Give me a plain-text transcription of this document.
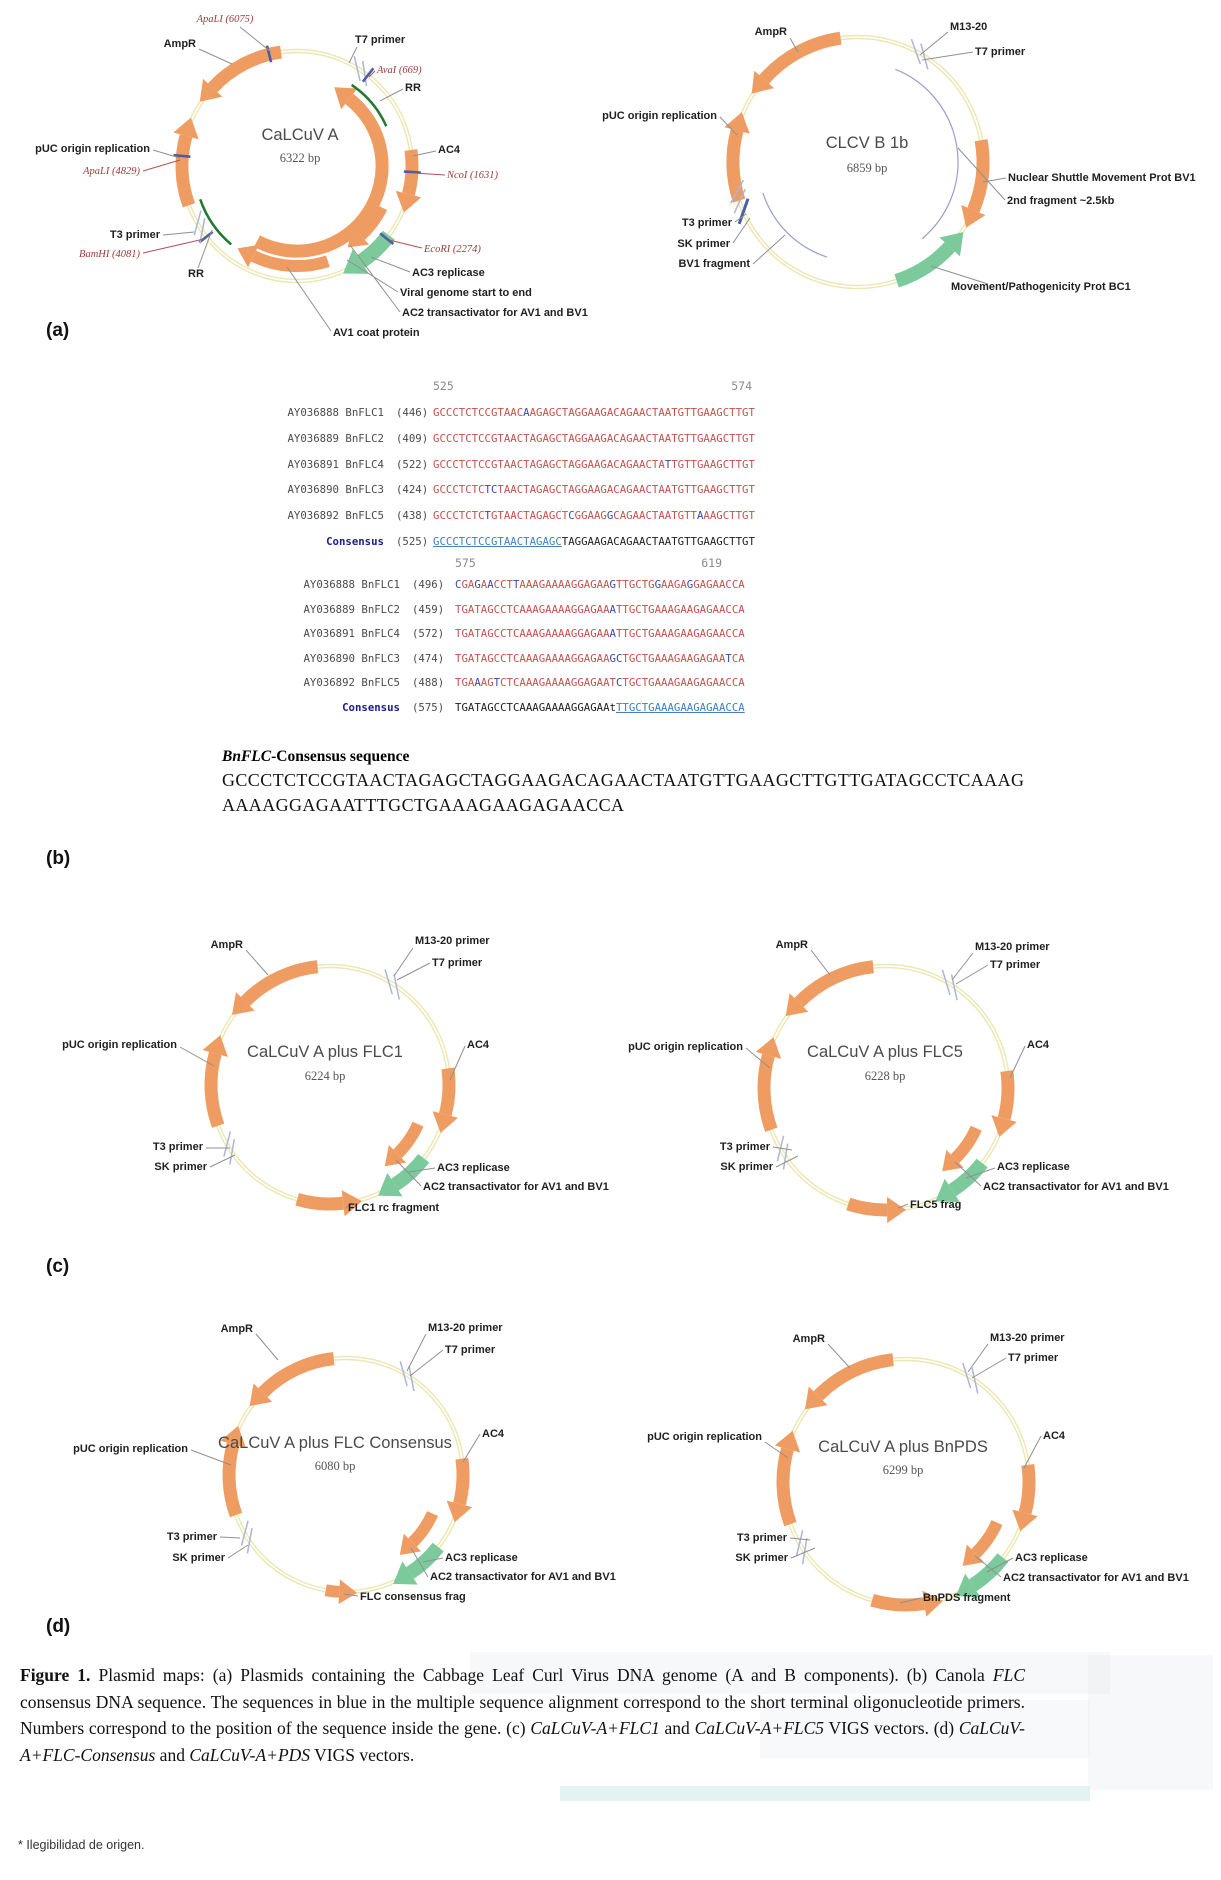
ApaLI (6075)
AmpR	T7 primer
AvaI (669)
RR
AC4
NcoI (1631)
EcoRI (2274)
AC3 replicase
Viral genome start to end
AC2 transactivator for AV1 and BV1
AV1 coat protein
pUC origin replication
ApaLI (4829)
T3 primer
BamHI (4081)
RR
CaLCuV A
6322 bp
AmpR	M13-20
T7 primer
pUC origin replication
Nuclear Shuttle Movement Prot BV1
2nd fragment ~2.5kb
T3 primer
SK primer
BV1 fragment
Movement/Pathogenicity Prot BC1
CLCV B 1b
6859 bp
AmpR	M13-20 primer
T7 primer
pUC origin replication	AC4
T3 primer
SK primer
FLC1 rc fragment
AC3 replicase
AC2 transactivator for AV1 and BV1
CaLCuV A plus FLC1
6224 bp
AmpR	M13-20 primer
T7 primer
pUC origin replication	AC4
T3 primer
SK primer
FLC5 frag
AC3 replicase
AC2 transactivator for AV1 and BV1
CaLCuV A plus FLC5
6228 bp
AmpR	M13-20 primer
T7 primer
pUC origin replication
AC4
T3 primer
SK primer
FLC consensus frag
AC3 replicase
AC2 transactivator for AV1 and BV1
CaLCuV A plus FLC Consensus
6080 bp
AmpR	M13-20 primer
T7 primer
pUC origin replication	AC4
T3 primer
SK primer
BnPDS fragment
AC3 replicase
AC2 transactivator for AV1 and BV1
CaLCuV A plus BnPDS
6299 bp
(a)
(b)
(c)
(d)
525	574
AY036888 BnFLC1 (446) GCCCTCTCCGTAACAAGAGCTAGGAAGACAGAACTAATGTTGAAGCTTGT
AY036889 BnFLC2 (409) GCCCTCTCCGTAACTAGAGCTAGGAAGACAGAACTAATGTTGAAGCTTGT
AY036891 BnFLC4 (522) GCCCTCTCCGTAACTAGAGCTAGGAAGACAGAACTATTGTTGAAGCTTGT
AY036890 BnFLC3 (424) GCCCTCTCTCTAACTAGAGCTAGGAAGACAGAACTAATGTTGAAGCTTGT
AY036892 BnFLC5 (438) GCCCTCTCTGTAACTAGAGCTCGGAAGGCAGAACTAATGTTAAAGCTTGT
Consensus (525) GCCCTCTCCGTAACTAGAGCTAGGAAGACAGAACTAATGTTGAAGCTTGT
575	619
AY036888 BnFLC1 (496) CGAGAACCTTAAAGAAAAGGAGAAGTTGCTGGAAGAGGAGAACCA
AY036889 BnFLC2 (459) TGATAGCCTCAAAGAAAAGGAGAAATTGCTGAAAGAAGAGAACCA
AY036891 BnFLC4 (572) TGATAGCCTCAAAGAAAAGGAGAAATTGCTGAAAGAAGAGAACCA
AY036890 BnFLC3 (474) TGATAGCCTCAAAGAAAAGGAGAAGCTGCTGAAAGAAGAGAATCA
AY036892 BnFLC5 (488) TGAAAGTCTCAAAGAAAAGGAGAATCTGCTGAAAGAAGAGAACCA
Consensus (575) TGATAGCCTCAAAGAAAAGGAGAAtTTGCTGAAAGAAGAGAACCA
BnFLC-Consensus sequence
GCCCTCTCCGTAACTAGAGCTAGGAAGACAGAACTAATGTTGAAGCTTGTTGATAGCCTCAAAG
AAAAGGAGAATTTGCTGAAAGAAGAGAACCA
Figure 1. Plasmid maps: (a) Plasmids containing the Cabbage Leaf Curl Virus DNA genome (A and B components). (b) Canola FLC consensus DNA sequence. The sequences in blue in the multiple sequence alignment correspond to the short terminal oligonucleotide primers. Numbers correspond to the position of the sequence inside the gene. (c) CaLCuV-A+FLC1 and CaLCuV-A+FLC5 VIGS vectors. (d) CaLCuV-A+FLC-Consensus and CaLCuV-A+PDS VIGS vectors.
* Ilegibilidad de origen.
